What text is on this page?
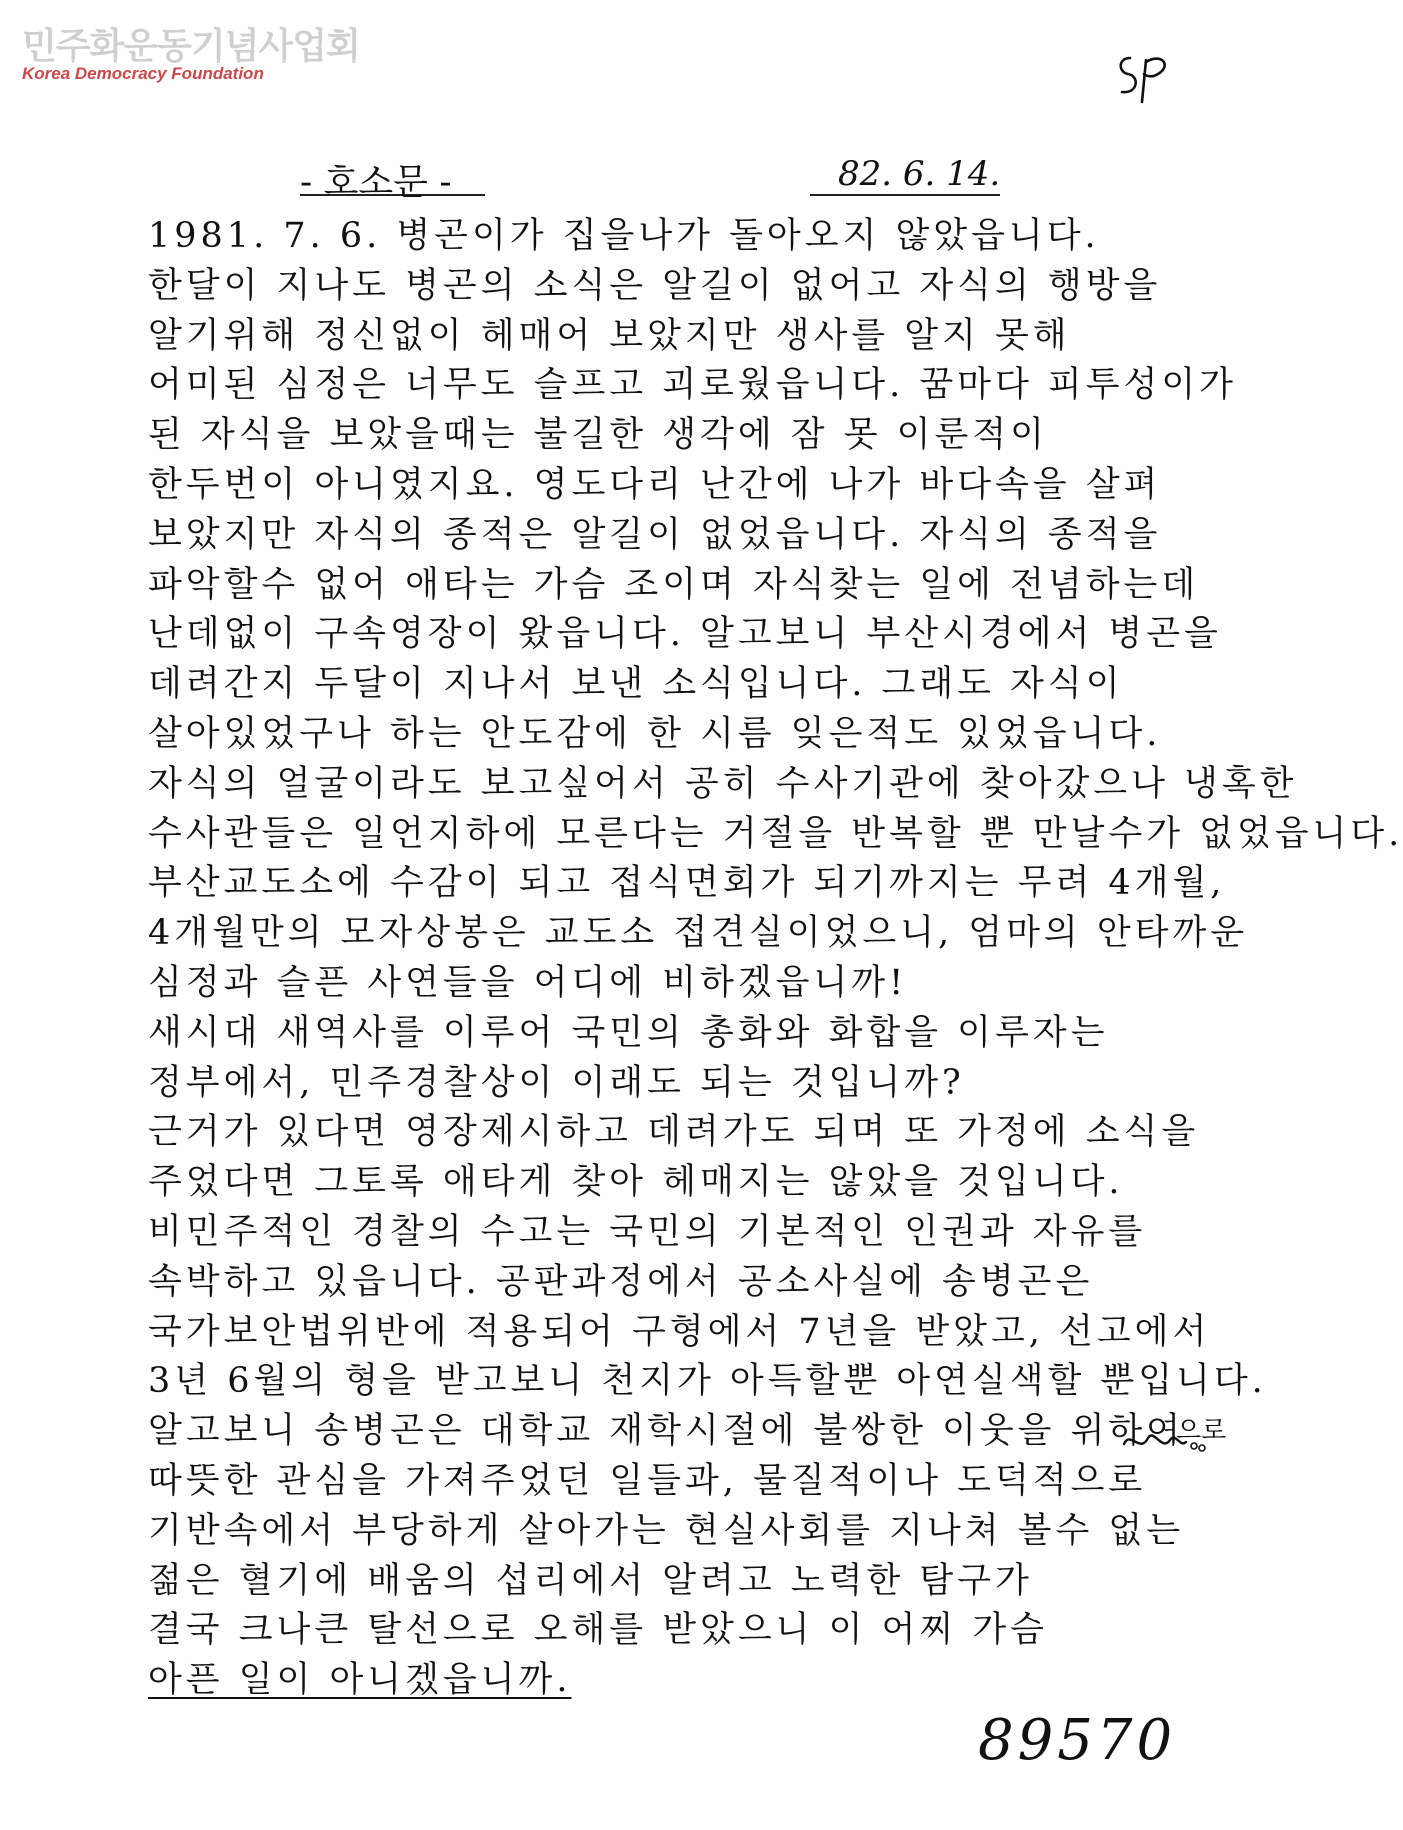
민주화운동기념사업회
Korea Democracy Foundation
- 호소문 -	82. 6. 14.
1981. 7. 6. 병곤이가 집을나가 돌아오지 않았읍니다.
한달이 지나도 병곤의 소식은 알길이 없어고 자식의 행방을
알기위해 정신없이 헤매어 보았지만 생사를 알지 못해
어미된 심정은 너무도 슬프고 괴로웠읍니다. 꿈마다 피투성이가
된 자식을 보았을때는 불길한 생각에 잠 못 이룬적이
한두번이 아니였지요. 영도다리 난간에 나가 바다속을 살펴
보았지만 자식의 종적은 알길이 없었읍니다. 자식의 종적을
파악할수 없어 애타는 가슴 조이며 자식찾는 일에 전념하는데
난데없이 구속영장이 왔읍니다. 알고보니 부산시경에서 병곤을
데려간지 두달이 지나서 보낸 소식입니다. 그래도 자식이
살아있었구나 하는 안도감에 한 시름 잊은적도 있었읍니다.
자식의 얼굴이라도 보고싶어서 공히 수사기관에 찾아갔으나 냉혹한
수사관들은 일언지하에 모른다는 거절을 반복할 뿐 만날수가 없었읍니다.
부산교도소에 수감이 되고 접식면회가 되기까지는 무려 4개월,
4개월만의 모자상봉은 교도소 접견실이었으니, 엄마의 안타까운
심정과 슬픈 사연들을 어디에 비하겠읍니까!
새시대 새역사를 이루어 국민의 총화와 화합을 이루자는
정부에서, 민주경찰상이 이래도 되는 것입니까?
근거가 있다면 영장제시하고 데려가도 되며 또 가정에 소식을
주었다면 그토록 애타게 찾아 헤매지는 않았을 것입니다.
비민주적인 경찰의 수고는 국민의 기본적인 인권과 자유를
속박하고 있읍니다. 공판과정에서 공소사실에 송병곤은
국가보안법위반에 적용되어 구형에서 7년을 받았고, 선고에서
3년 6월의 형을 받고보니 천지가 아득할뿐 아연실색할 뿐입니다.
알고보니 송병곤은 대학교 재학시절에 불쌍한 이웃을 위하여
따뜻한 관심을 가져주었던 일들과, 물질적이나 도덕적으로
기반속에서 부당하게 살아가는 현실사회를 지나쳐 볼수 없는
젊은 혈기에 배움의 섭리에서 알려고 노력한 탐구가
결국 크나큰 탈선으로 오해를 받았으니 이 어찌 가슴
아픈 일이 아니겠읍니까.
으로
89570
